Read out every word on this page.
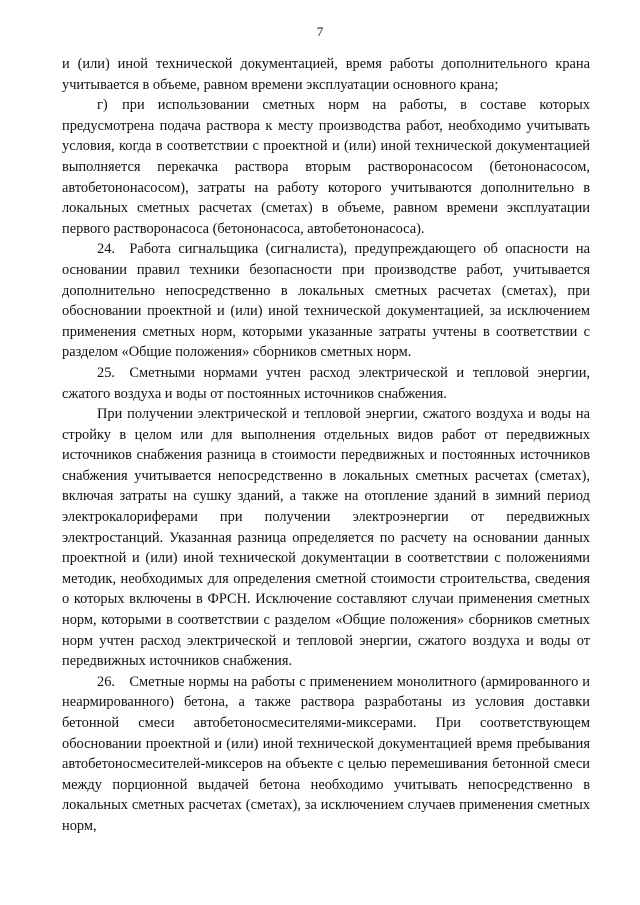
7

и (или) иной технической документацией, время работы дополнительного крана учитывается в объеме, равном времени эксплуатации основного крана;

г) при использовании сметных норм на работы, в составе которых предусмотрена подача раствора к месту производства работ, необходимо учитывать условия, когда в соответствии с проектной и (или) иной технической документацией выполняется перекачка раствора вторым растворонасосом (бетононасосом, автобетононасосом), затраты на работу которого учитываются дополнительно в локальных сметных расчетах (сметах) в объеме, равном времени эксплуатации первого растворонасоса (бетононасоса, автобетононасоса).

24. Работа сигнальщика (сигналиста), предупреждающего об опасности на основании правил техники безопасности при производстве работ, учитывается дополнительно непосредственно в локальных сметных расчетах (сметах), при обосновании проектной и (или) иной технической документацией, за исключением применения сметных норм, которыми указанные затраты учтены в соответствии с разделом «Общие положения» сборников сметных норм.

25. Сметными нормами учтен расход электрической и тепловой энергии, сжатого воздуха и воды от постоянных источников снабжения.

При получении электрической и тепловой энергии, сжатого воздуха и воды на стройку в целом или для выполнения отдельных видов работ от передвижных источников снабжения разница в стоимости передвижных и постоянных источников снабжения учитывается непосредственно в локальных сметных расчетах (сметах), включая затраты на сушку зданий, а также на отопление зданий в зимний период электрокалориферами при получении электроэнергии от передвижных электростанций. Указанная разница определяется по расчету на основании данных проектной и (или) иной технической документации в соответствии с положениями методик, необходимых для определения сметной стоимости строительства, сведения о которых включены в ФРСН. Исключение составляют случаи применения сметных норм, которыми в соответствии с разделом «Общие положения» сборников сметных норм учтен расход электрической и тепловой энергии, сжатого воздуха и воды от передвижных источников снабжения.

26. Сметные нормы на работы с применением монолитного (армированного и неармированного) бетона, а также раствора разработаны из условия доставки бетонной смеси автобетоносмесителями-миксерами. При соответствующем обосновании проектной и (или) иной технической документацией время пребывания автобетоносмесителей-миксеров на объекте с целью перемешивания бетонной смеси между порционной выдачей бетона необходимо учитывать непосредственно в локальных сметных расчетах (сметах), за исключением случаев применения сметных норм,
